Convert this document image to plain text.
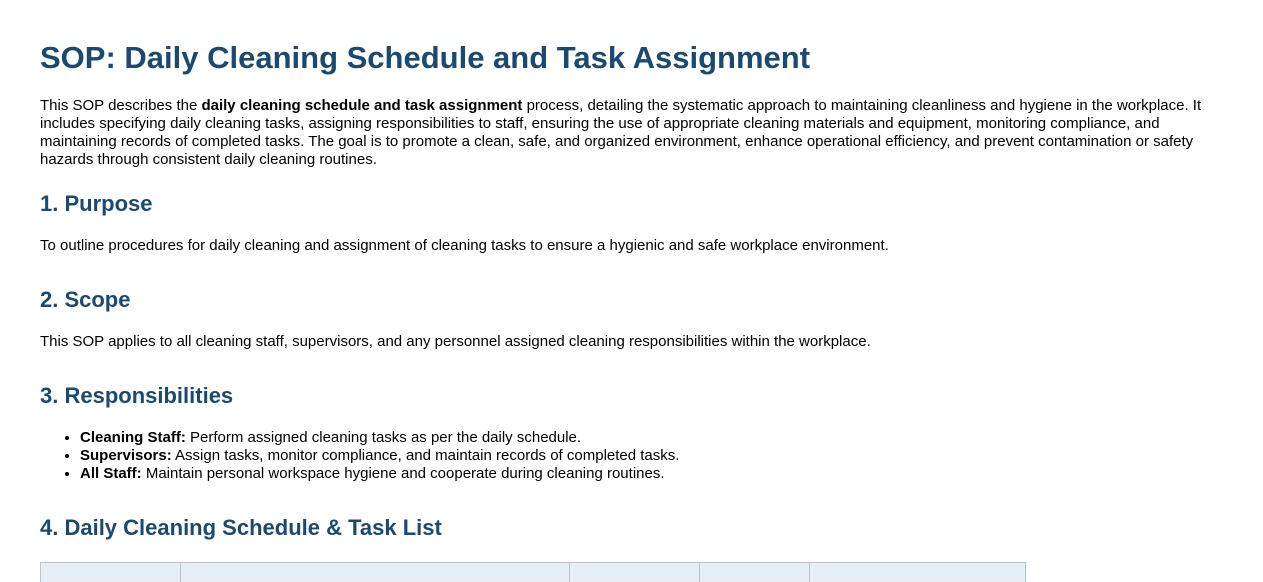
SOP: Daily Cleaning Schedule and Task Assignment

This SOP describes the daily cleaning schedule and task assignment process, detailing the systematic approach to maintaining cleanliness and hygiene in the workplace. It includes specifying daily cleaning tasks, assigning responsibilities to staff, ensuring the use of appropriate cleaning materials and equipment, monitoring compliance, and maintaining records of completed tasks. The goal is to promote a clean, safe, and organized environment, enhance operational efficiency, and prevent contamination or safety hazards through consistent daily cleaning routines.

1. Purpose

To outline procedures for daily cleaning and assignment of cleaning tasks to ensure a hygienic and safe workplace environment.

2. Scope

This SOP applies to all cleaning staff, supervisors, and any personnel assigned cleaning responsibilities within the workplace.

3. Responsibilities
• Cleaning Staff: Perform assigned cleaning tasks as per the daily schedule.
• Supervisors: Assign tasks, monitor compliance, and maintain records of completed tasks.
• All Staff: Maintain personal workspace hygiene and cooperate during cleaning routines.
4. Daily Cleaning Schedule & Task List
